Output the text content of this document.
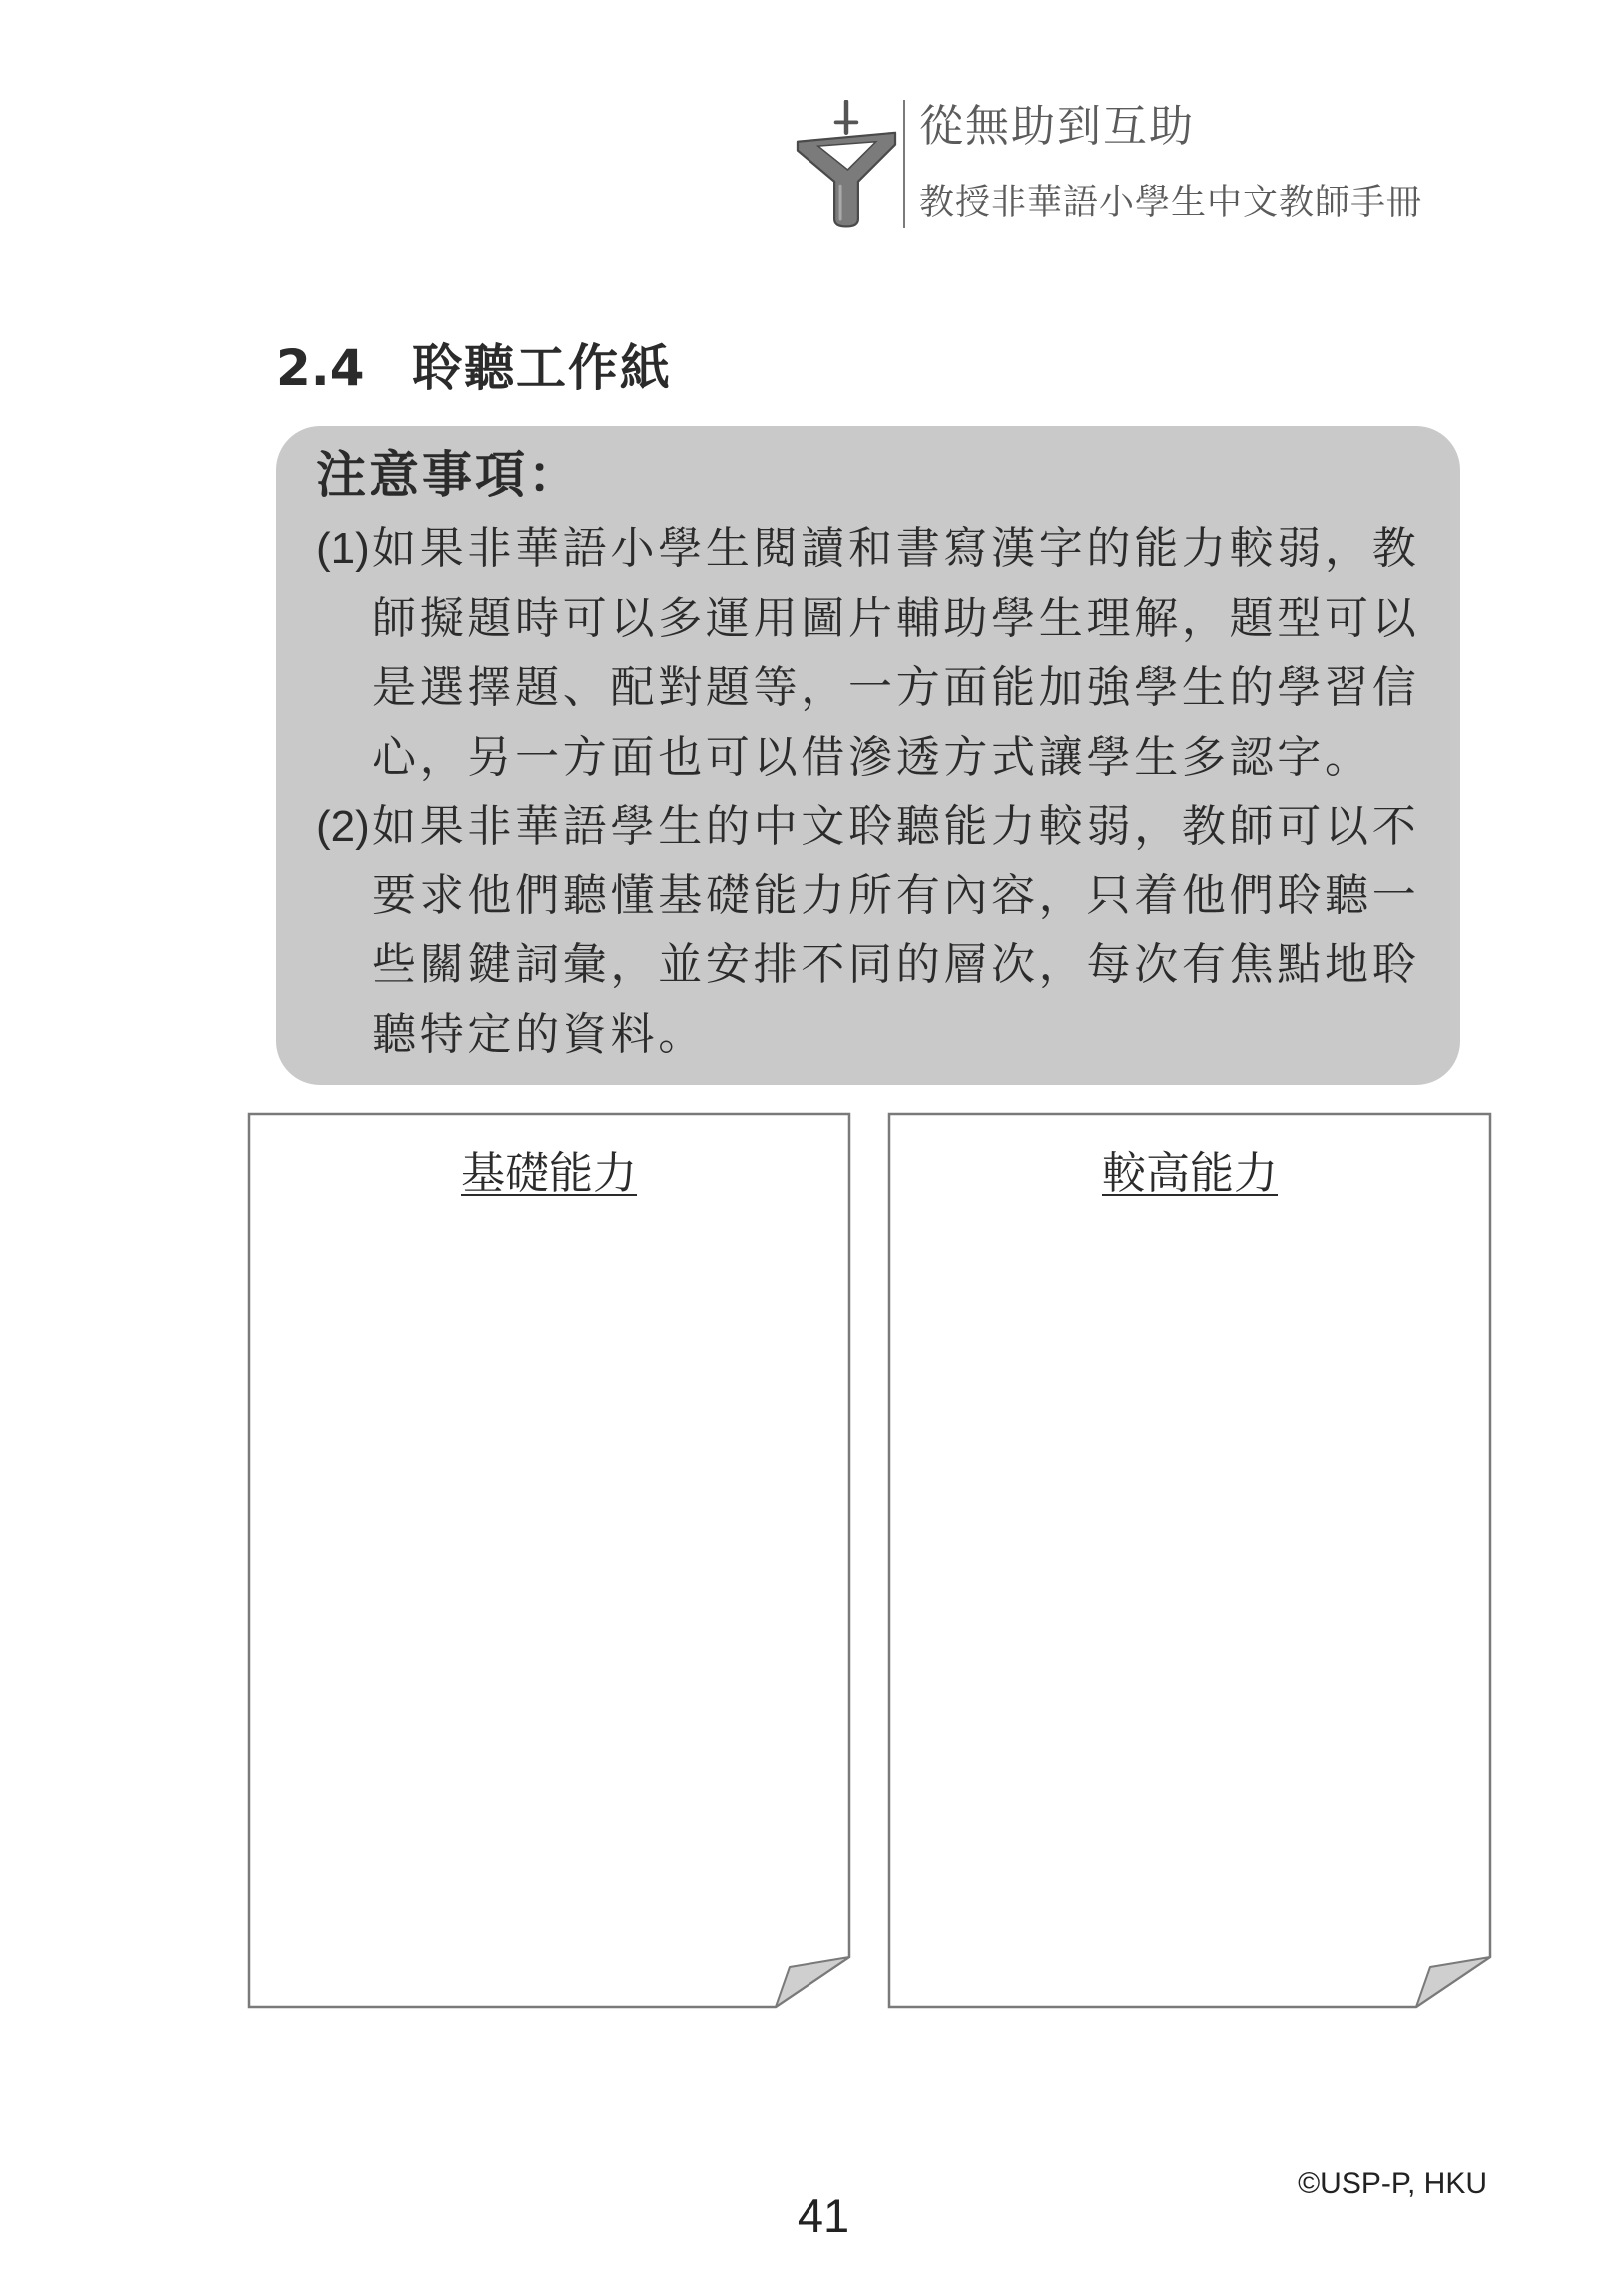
從無助到互助
教授非華語小學生中文教師手冊
2.4 聆聽工作紙
注意事項：
(1) 如果非華語小學生閱讀和書寫漢字的能力較弱，教
師擬題時可以多運用圖片輔助學生理解，題型可以
是選擇題、配對題等，一方面能加強學生的學習信
心，另一方面也可以借滲透方式讓學生多認字。
(2) 如果非華語學生的中文聆聽能力較弱，教師可以不
要求他們聽懂基礎能力所有內容，只着他們聆聽一
些關鍵詞彙，並安排不同的層次，每次有焦點地聆
聽特定的資料。
基礎能力	較高能力
©USP-P, HKU
41
